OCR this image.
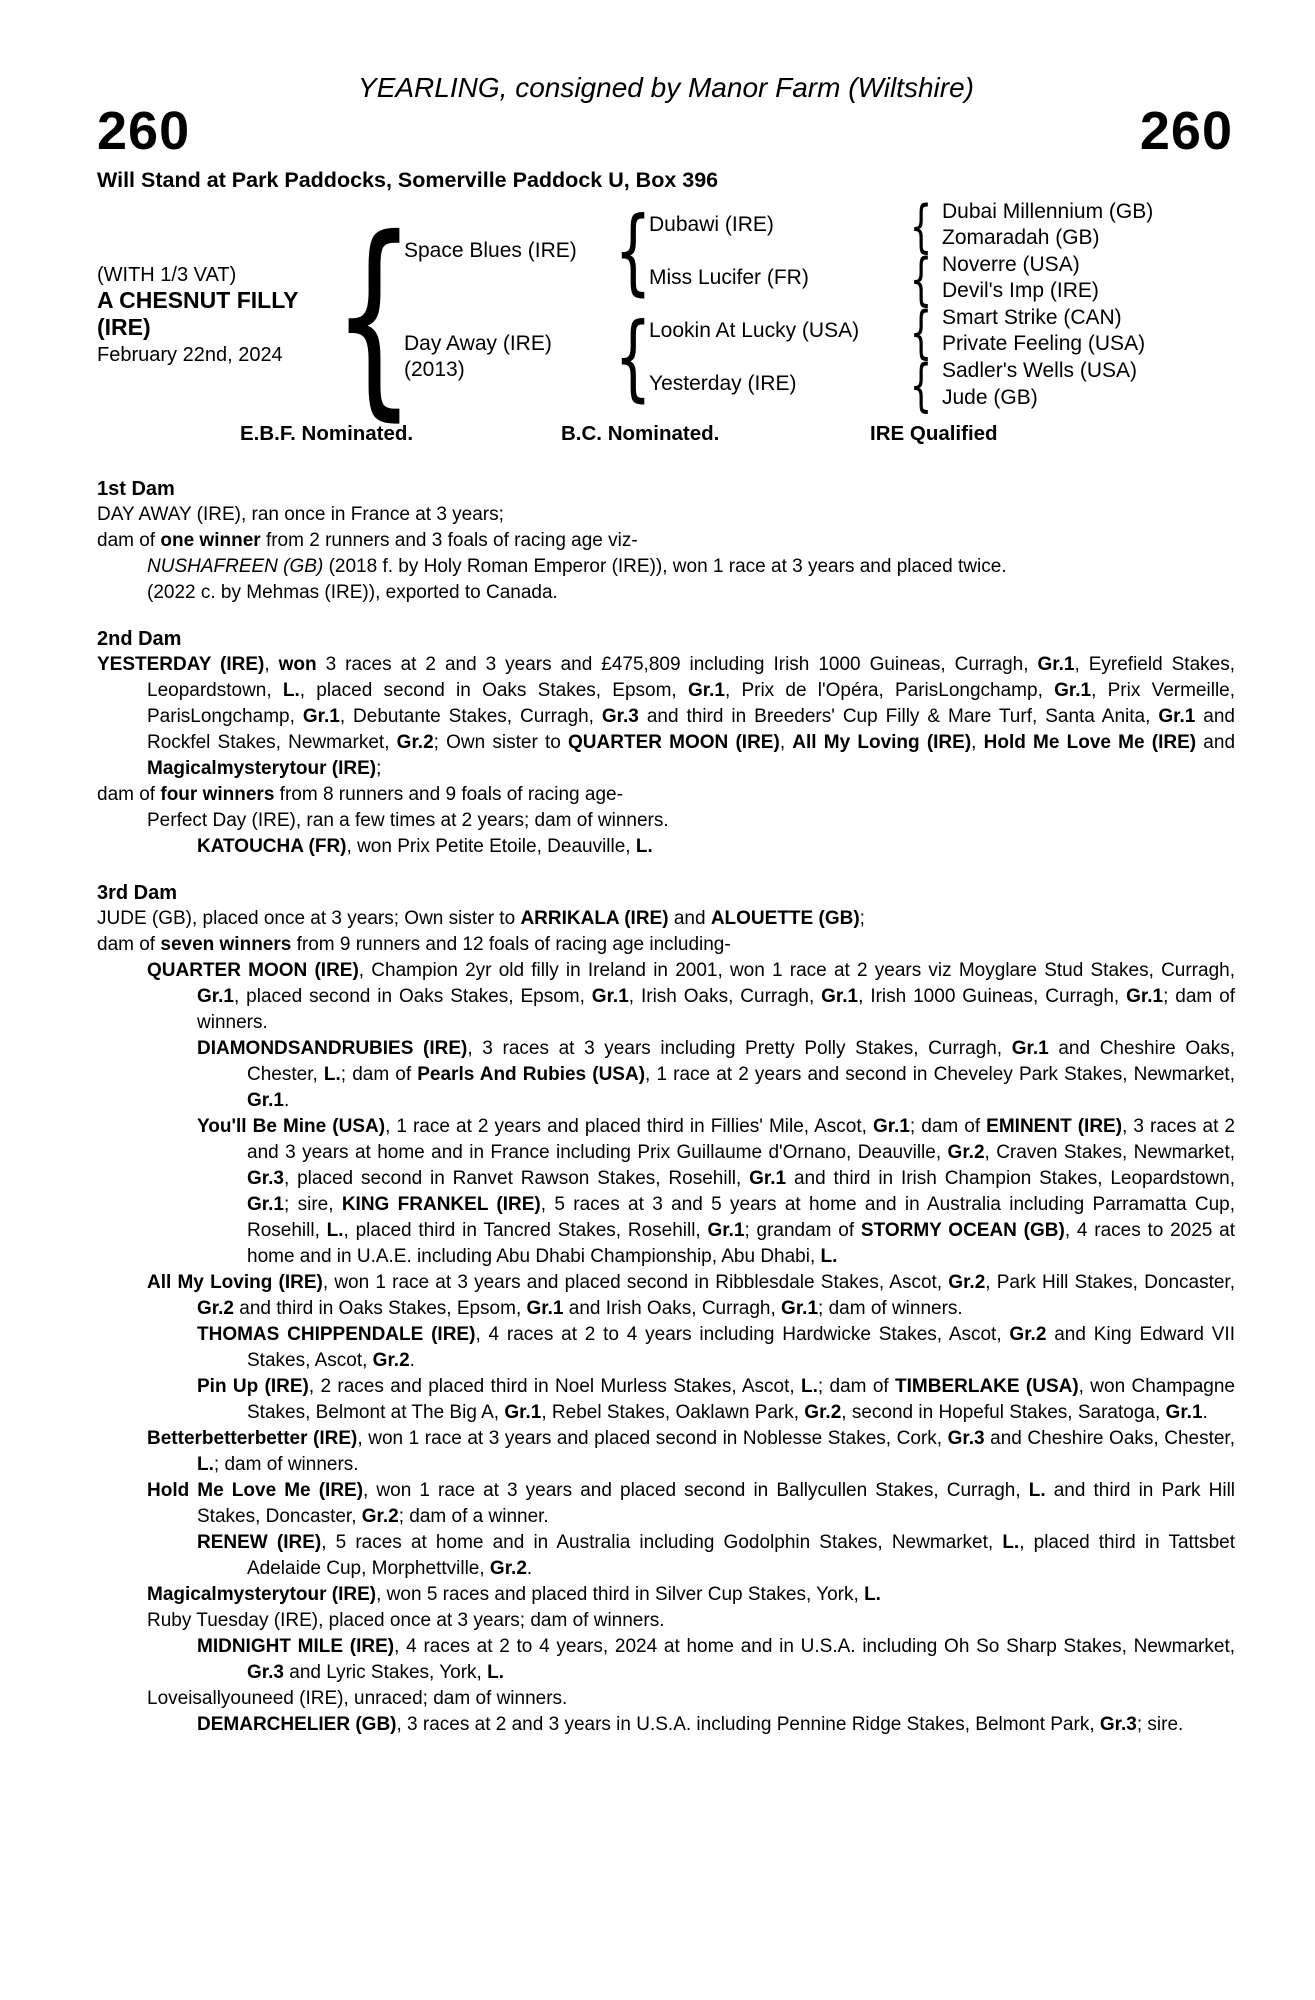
YEARLING, consigned by Manor Farm (Wiltshire)
260	260
Will Stand at Park Paddocks, Somerville Paddock U, Box 396
(WITH 1/3 VAT)
A CHESNUT FILLY
(IRE)
February 22nd, 2024
Space Blues (IRE)
Day Away (IRE)
(2013)
Dubawi (IRE)
Miss Lucifer (FR)
Lookin At Lucky (USA)
Yesterday (IRE)
Dubai Millennium (GB)
Zomaradah (GB)
Noverre (USA)
Devil's Imp (IRE)
Smart Strike (CAN)
Private Feeling (USA)
Sadler's Wells (USA)
Jude (GB)
E.B.F. Nominated.	B.C. Nominated.	IRE Qualified
1st Dam
DAY AWAY (IRE), ran once in France at 3 years;
dam of one winner from 2 runners and 3 foals of racing age viz-
NUSHAFREEN (GB) (2018 f. by Holy Roman Emperor (IRE)), won 1 race at 3 years and placed twice.
(2022 c. by Mehmas (IRE)), exported to Canada.
2nd Dam
YESTERDAY (IRE), won 3 races at 2 and 3 years and £475,809 including Irish 1000 Guineas, Curragh, Gr.1, Eyrefield Stakes, Leopardstown, L., placed second in Oaks Stakes, Epsom, Gr.1, Prix de l'Opéra, ParisLongchamp, Gr.1, Prix Vermeille, ParisLongchamp, Gr.1, Debutante Stakes, Curragh, Gr.3 and third in Breeders' Cup Filly & Mare Turf, Santa Anita, Gr.1 and Rockfel Stakes, Newmarket, Gr.2; Own sister to QUARTER MOON (IRE), All My Loving (IRE), Hold Me Love Me (IRE) and Magicalmysterytour (IRE);
dam of four winners from 8 runners and 9 foals of racing age-
Perfect Day (IRE), ran a few times at 2 years; dam of winners.
KATOUCHA (FR), won Prix Petite Etoile, Deauville, L.
3rd Dam
JUDE (GB), placed once at 3 years; Own sister to ARRIKALA (IRE) and ALOUETTE (GB);
dam of seven winners from 9 runners and 12 foals of racing age including-
QUARTER MOON (IRE), Champion 2yr old filly in Ireland in 2001, won 1 race at 2 years viz Moyglare Stud Stakes, Curragh, Gr.1, placed second in Oaks Stakes, Epsom, Gr.1, Irish Oaks, Curragh, Gr.1, Irish 1000 Guineas, Curragh, Gr.1; dam of winners.
DIAMONDSANDRUBIES (IRE), 3 races at 3 years including Pretty Polly Stakes, Curragh, Gr.1 and Cheshire Oaks, Chester, L.; dam of Pearls And Rubies (USA), 1 race at 2 years and second in Cheveley Park Stakes, Newmarket, Gr.1.
You'll Be Mine (USA), 1 race at 2 years and placed third in Fillies' Mile, Ascot, Gr.1; dam of EMINENT (IRE), 3 races at 2 and 3 years at home and in France including Prix Guillaume d'Ornano, Deauville, Gr.2, Craven Stakes, Newmarket, Gr.3, placed second in Ranvet Rawson Stakes, Rosehill, Gr.1 and third in Irish Champion Stakes, Leopardstown, Gr.1; sire, KING FRANKEL (IRE), 5 races at 3 and 5 years at home and in Australia including Parramatta Cup, Rosehill, L., placed third in Tancred Stakes, Rosehill, Gr.1; grandam of STORMY OCEAN (GB), 4 races to 2025 at home and in U.A.E. including Abu Dhabi Championship, Abu Dhabi, L.
All My Loving (IRE), won 1 race at 3 years and placed second in Ribblesdale Stakes, Ascot, Gr.2, Park Hill Stakes, Doncaster, Gr.2 and third in Oaks Stakes, Epsom, Gr.1 and Irish Oaks, Curragh, Gr.1; dam of winners.
THOMAS CHIPPENDALE (IRE), 4 races at 2 to 4 years including Hardwicke Stakes, Ascot, Gr.2 and King Edward VII Stakes, Ascot, Gr.2.
Pin Up (IRE), 2 races and placed third in Noel Murless Stakes, Ascot, L.; dam of TIMBERLAKE (USA), won Champagne Stakes, Belmont at The Big A, Gr.1, Rebel Stakes, Oaklawn Park, Gr.2, second in Hopeful Stakes, Saratoga, Gr.1.
Betterbetterbetter (IRE), won 1 race at 3 years and placed second in Noblesse Stakes, Cork, Gr.3 and Cheshire Oaks, Chester, L.; dam of winners.
Hold Me Love Me (IRE), won 1 race at 3 years and placed second in Ballycullen Stakes, Curragh, L. and third in Park Hill Stakes, Doncaster, Gr.2; dam of a winner.
RENEW (IRE), 5 races at home and in Australia including Godolphin Stakes, Newmarket, L., placed third in Tattsbet Adelaide Cup, Morphettville, Gr.2.
Magicalmysterytour (IRE), won 5 races and placed third in Silver Cup Stakes, York, L.
Ruby Tuesday (IRE), placed once at 3 years; dam of winners.
MIDNIGHT MILE (IRE), 4 races at 2 to 4 years, 2024 at home and in U.S.A. including Oh So Sharp Stakes, Newmarket, Gr.3 and Lyric Stakes, York, L.
Loveisallyouneed (IRE), unraced; dam of winners.
DEMARCHELIER (GB), 3 races at 2 and 3 years in U.S.A. including Pennine Ridge Stakes, Belmont Park, Gr.3; sire.
